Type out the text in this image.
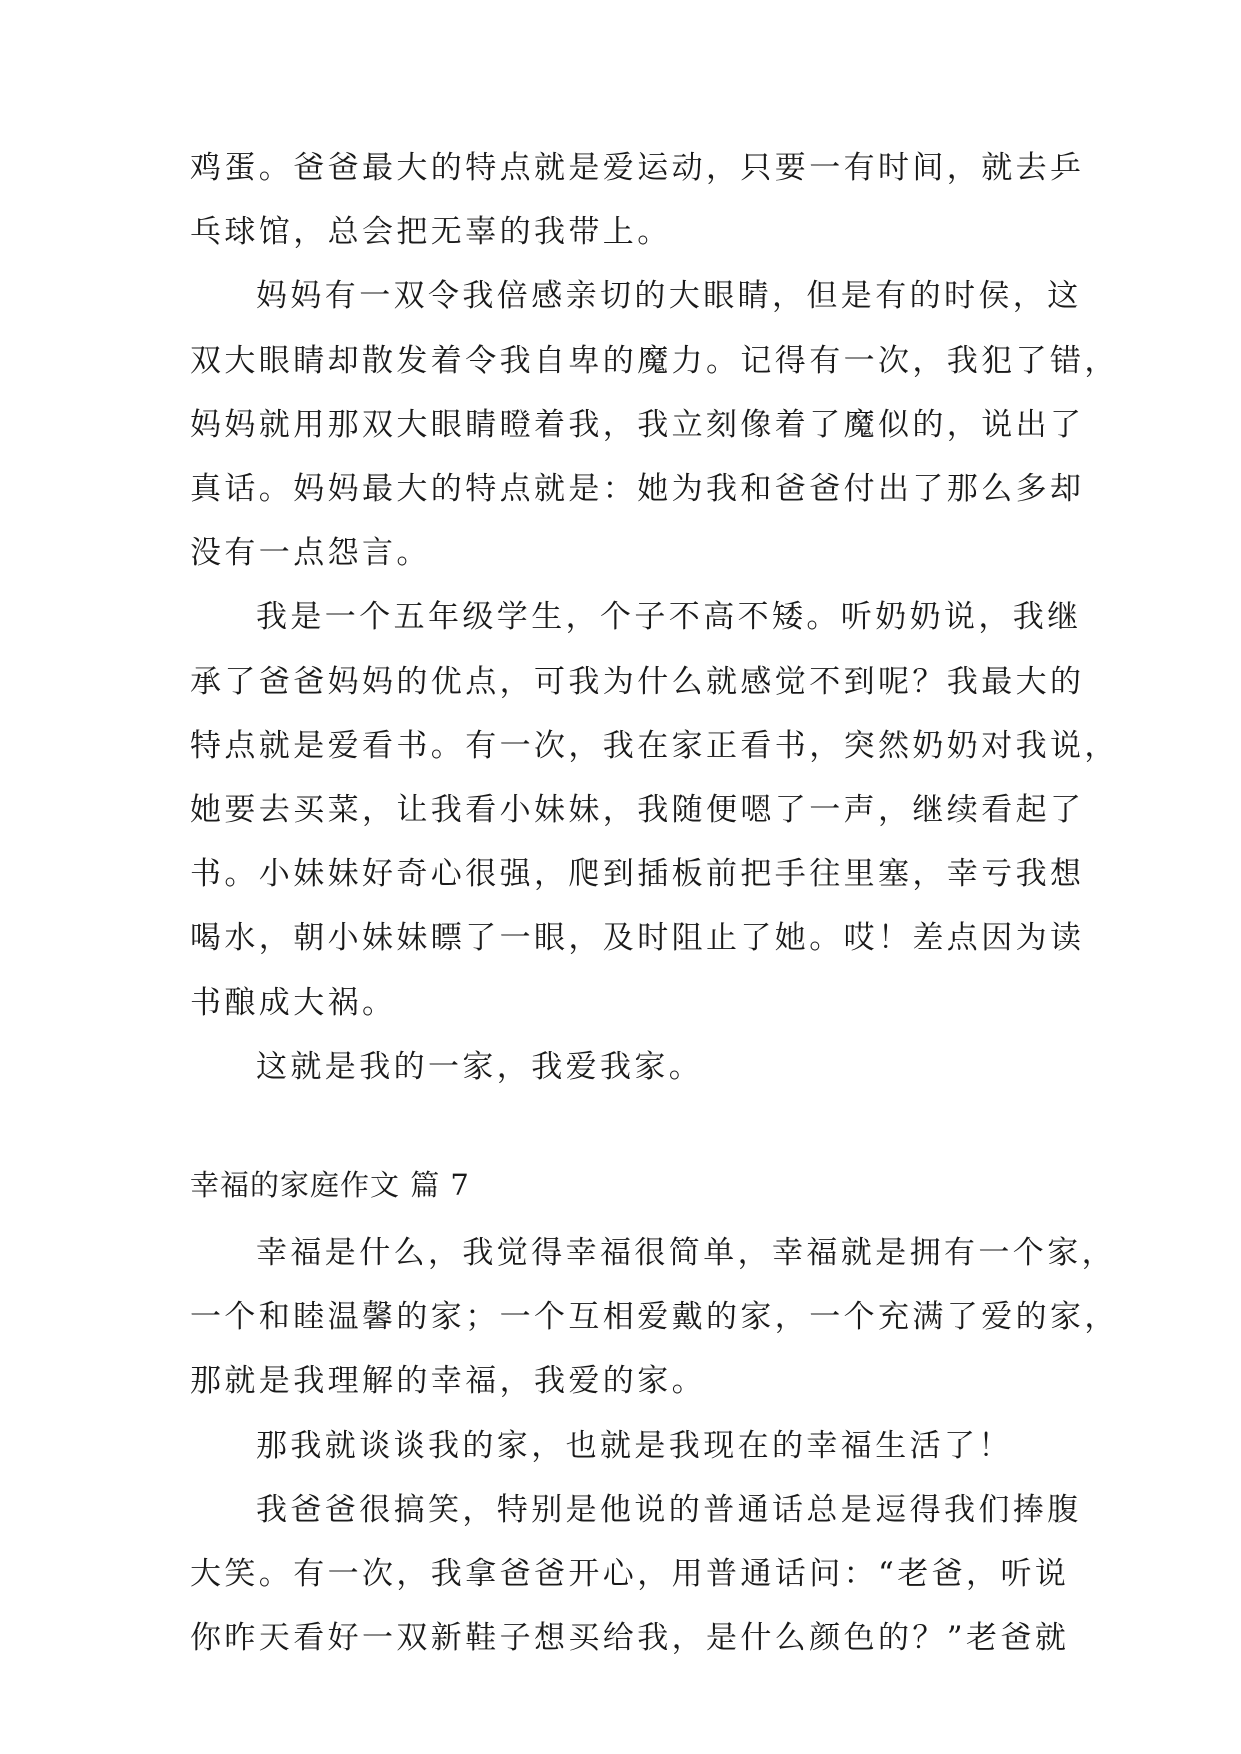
鸡蛋。爸爸最大的特点就是爱运动，只要一有时间，就去乒
乓球馆，总会把无辜的我带上。
妈妈有一双令我倍感亲切的大眼睛，但是有的时侯，这
双大眼睛却散发着令我自卑的魔力。记得有一次，我犯了错，
妈妈就用那双大眼睛瞪着我，我立刻像着了魔似的，说出了
真话。妈妈最大的特点就是：她为我和爸爸付出了那么多却
没有一点怨言。
我是一个五年级学生，个子不高不矮。听奶奶说，我继
承了爸爸妈妈的优点，可我为什么就感觉不到呢？我最大的
特点就是爱看书。有一次，我在家正看书，突然奶奶对我说，
她要去买菜，让我看小妹妹，我随便嗯了一声，继续看起了
书。小妹妹好奇心很强，爬到插板前把手往里塞，幸亏我想
喝水，朝小妹妹瞟了一眼，及时阻止了她。哎！差点因为读
书酿成大祸。
这就是我的一家，我爱我家。
幸福的家庭作文 篇 7
幸福是什么，我觉得幸福很简单，幸福就是拥有一个家，
一个和睦温馨的家；一个互相爱戴的家，一个充满了爱的家，
那就是我理解的幸福，我爱的家。
那我就谈谈我的家，也就是我现在的幸福生活了！
我爸爸很搞笑，特别是他说的普通话总是逗得我们捧腹
大笑。有一次，我拿爸爸开心，用普通话问：“老爸，听说
你昨天看好一双新鞋子想买给我，是什么颜色的？”老爸就
